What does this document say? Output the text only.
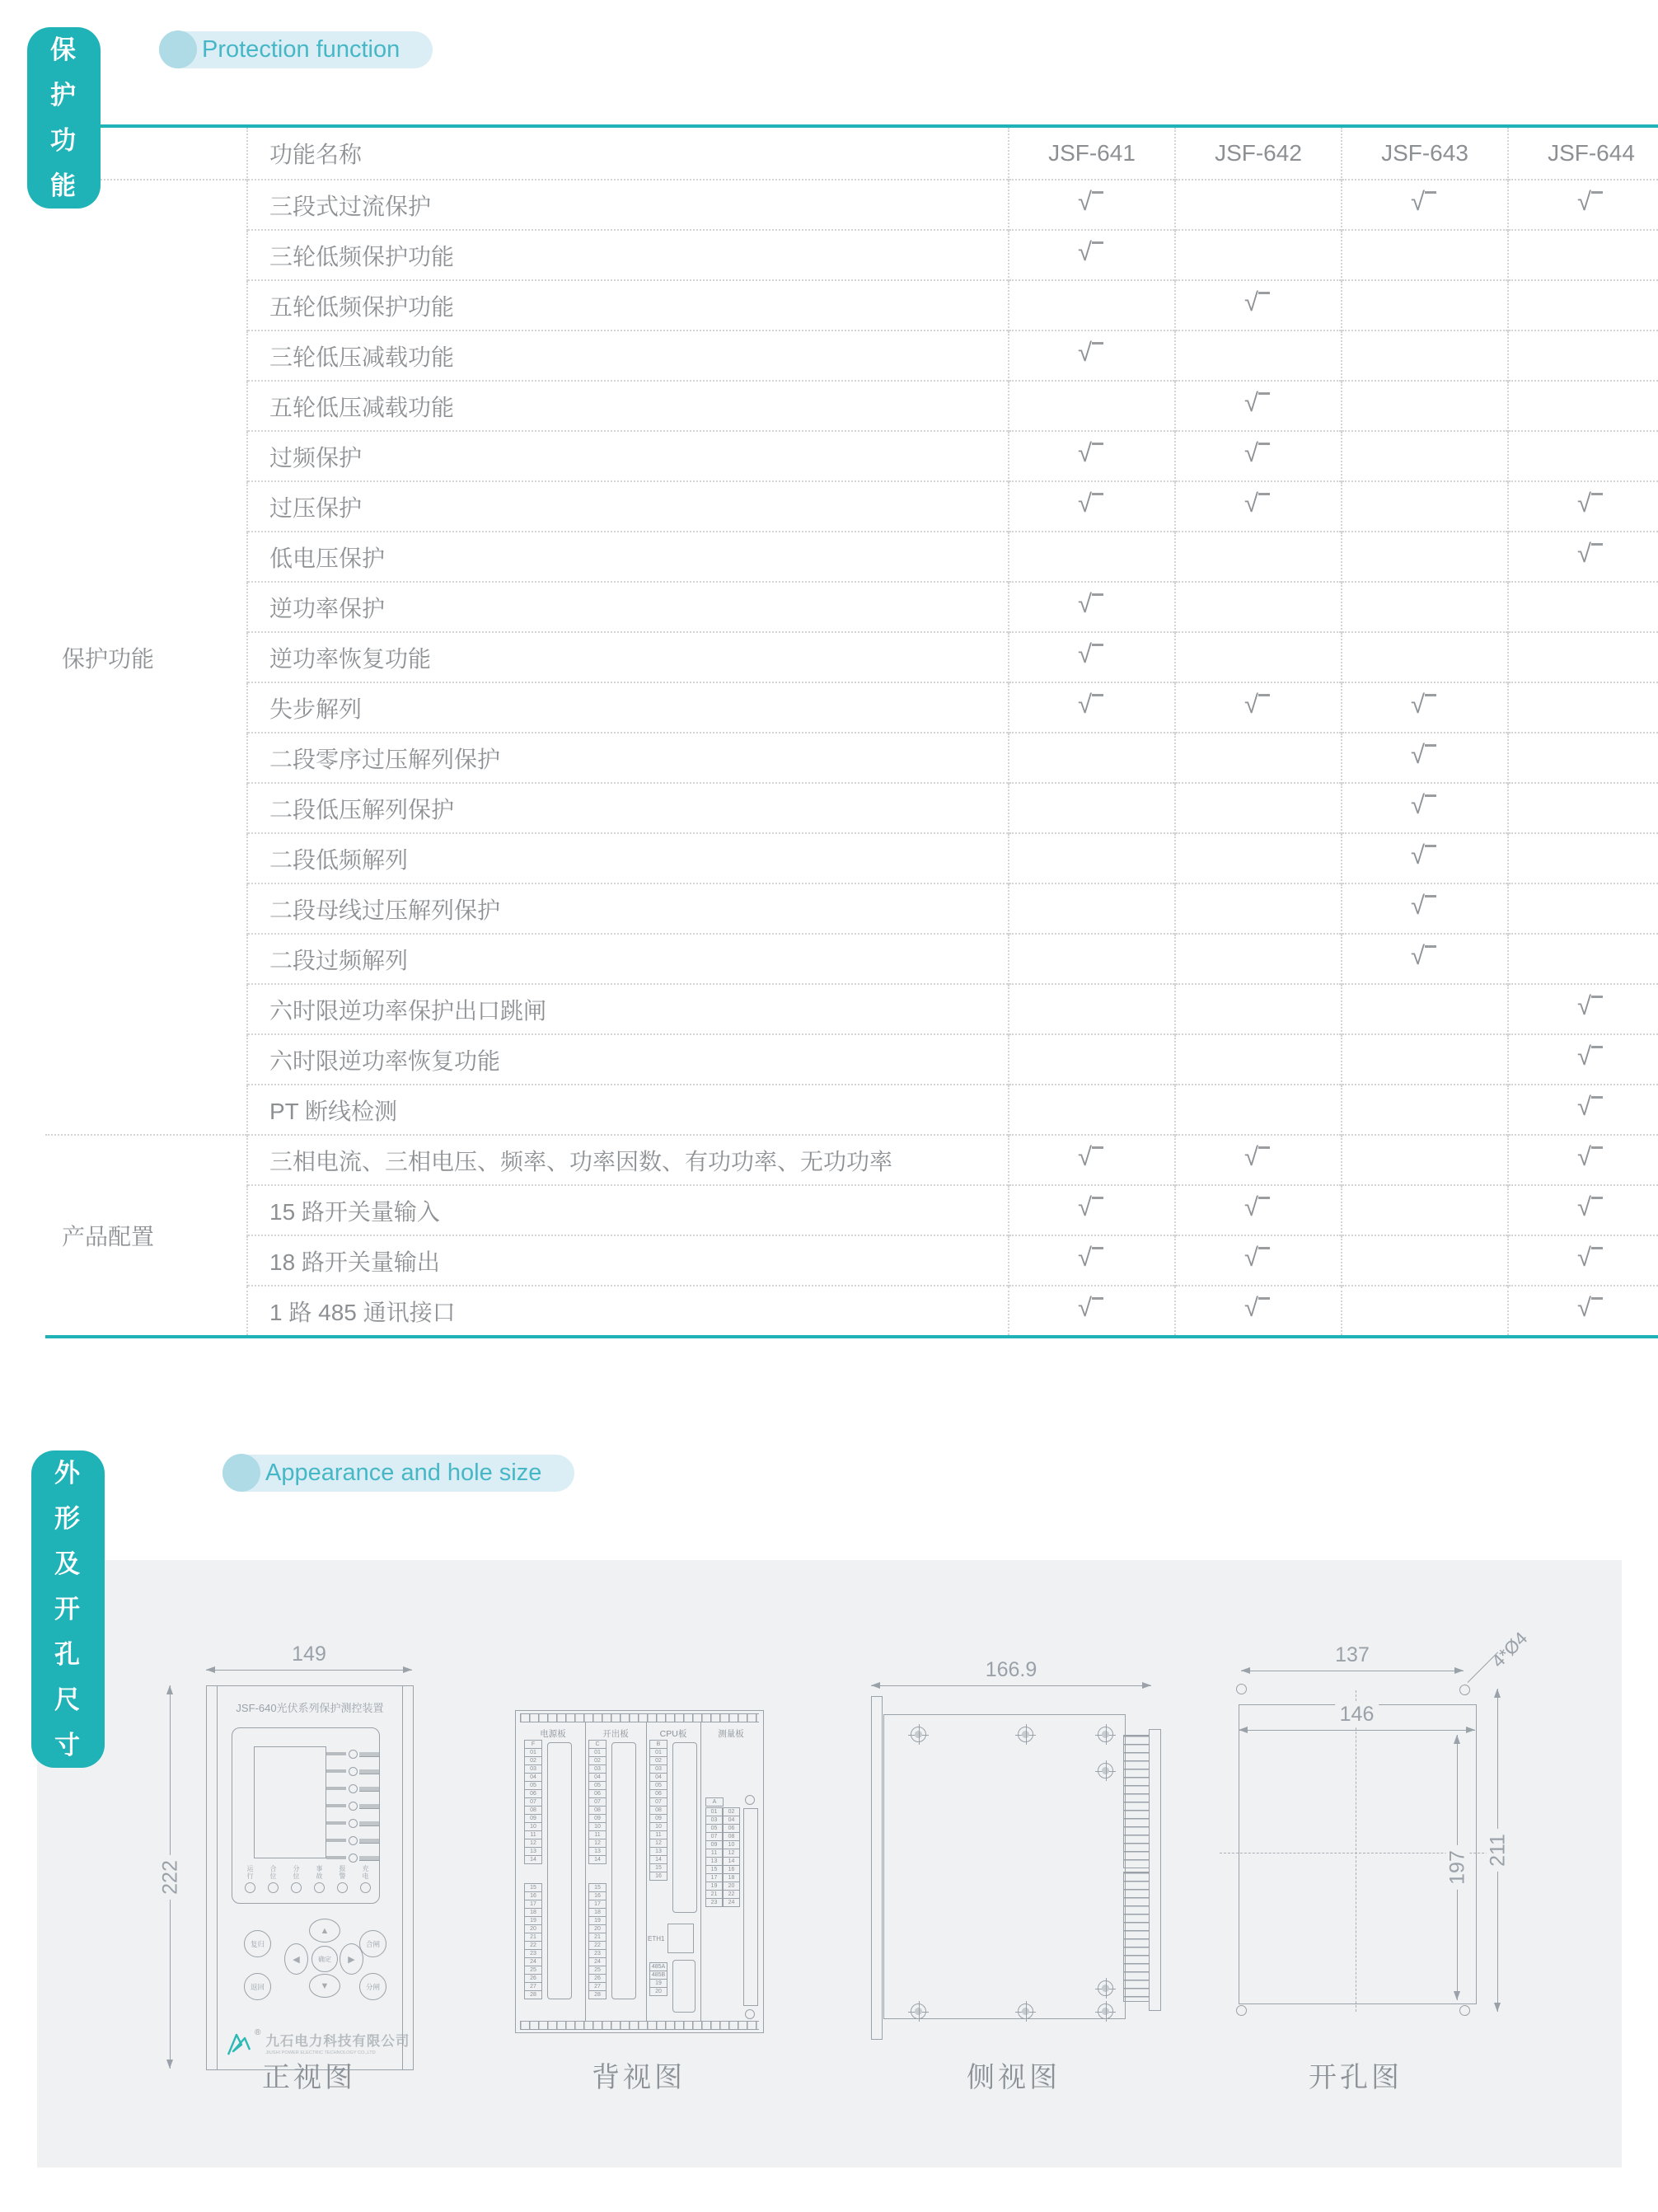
Protection function
保护功能
	功能名称	JSF-641	JSF-642	JSF-643	JSF-644
保护功能	三段式过流保护	√		√	√
	三轮低频保护功能	√			
	五轮低频保护功能		√		
	三轮低压减载功能	√			
	五轮低压减载功能		√		
	过频保护	√	√		
	过压保护	√	√		√
	低电压保护				√
	逆功率保护	√			
	逆功率恢复功能	√			
	失步解列	√	√	√	
	二段零序过压解列保护			√	
	二段低压解列保护			√	
	二段低频解列			√	
	二段母线过压解列保护			√	
	二段过频解列			√	
	六时限逆功率保护出口跳闸				√
	六时限逆功率恢复功能				√
	PT 断线检测				√
产品配置	三相电流、三相电压、频率、功率因数、有功功率、无功功率	√	√		√
	15 路开关量输入	√	√		√
	18 路开关量输出	√	√		√
	1 路 485 通讯接口	√	√		√
Appearance and hole size
外形及开孔尺寸
149
222
JSF-640光伏系列保护测控装置
运行 合位 分位 事故 报警 充电
复归
返回
合闸
分闸
▲
▼
◀	▶
确定
®
九石电力科技有限公司
JIUSHI POWER ELECTRIC TECHNOLOGY CO.,LTD
正视图
电源板
F
01
02
03
04
05
06
07
08
09
10
11
12
13
14
15
16
17
18
19
20
21
22
23
24
25
26
27
28
开出板
C
01
02
03
04
05
06
07
08
09
10
11
12
13
14
15
16
17
18
19
20
21
22
23
24
25
26
27
28
CPU板
B
01
02
03
04
05
06
07
08
09
10
11
12
13
14
15
16
ETH1
485A
485B
19
20
测量板
A
01	02
03	04
05	06
07	08
09	10
11	12
13	14
15	16
17	18
19	20
21	22
23	24
背视图
166.9
侧视图
137
146
197
211
4*Ø4
开孔图
